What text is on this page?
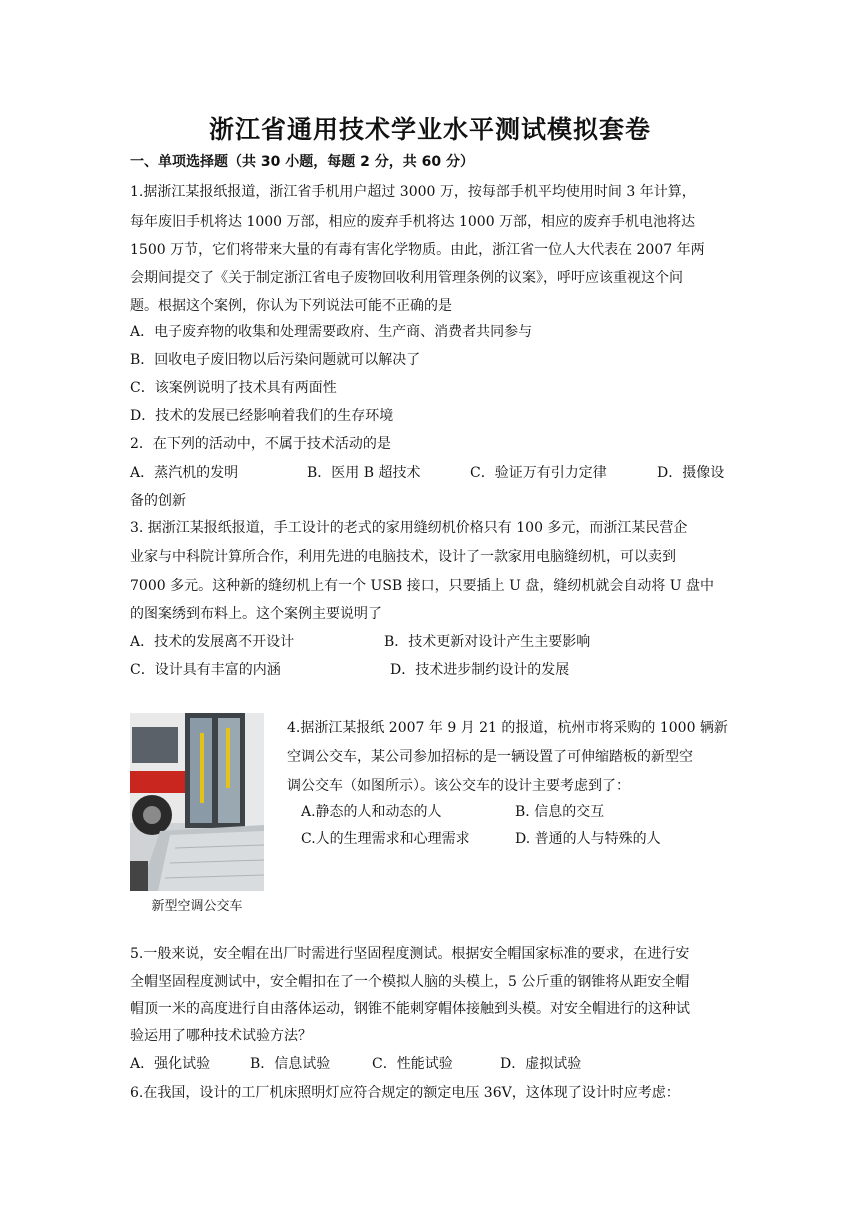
浙江省通用技术学业水平测试模拟套卷
一、单项选择题（共 30 小题，每题 2 分，共 60 分）
1.据浙江某报纸报道，浙江省手机用户超过 3000 万，按每部手机平均使用时间 3 年计算，
每年废旧手机将达 1000 万部，相应的废弃手机将达 1000 万部，相应的废弃手机电池将达
1500 万节，它们将带来大量的有毒有害化学物质。由此，浙江省一位人大代表在 2007 年两
会期间提交了《关于制定浙江省电子废物回收利用管理条例的议案》，呼吁应该重视这个问
题。根据这个案例，你认为下列说法可能不正确的是
A．电子废弃物的收集和处理需要政府、生产商、消费者共同参与
B．回收电子废旧物以后污染问题就可以解决了
C．该案例说明了技术具有两面性
D．技术的发展已经影响着我们的生存环境
2．在下列的活动中，不属于技术活动的是
A．蒸汽机的发明	B．医用 B 超技术	C．验证万有引力定律	D．摄像设
备的创新
3. 据浙江某报纸报道，手工设计的老式的家用缝纫机价格只有 100 多元，而浙江某民营企
业家与中科院计算所合作，利用先进的电脑技术，设计了一款家用电脑缝纫机，可以卖到
7000 多元。这种新的缝纫机上有一个 USB 接口，只要插上 U 盘，缝纫机就会自动将 U 盘中
的图案绣到布料上。这个案例主要说明了
A．技术的发展离不开设计	B．技术更新对设计产生主要影响
C．设计具有丰富的内涵	D．技术进步制约设计的发展
新型空调公交车
4.据浙江某报纸 2007 年 9 月 21 的报道，杭州市将采购的 1000 辆新
空调公交车，某公司参加招标的是一辆设置了可伸缩踏板的新型空
调公交车（如图所示）。该公交车的设计主要考虑到了：
A.静态的人和动态的人	B. 信息的交互
C.人的生理需求和心理需求	D. 普通的人与特殊的人
5.一般来说，安全帽在出厂时需进行坚固程度测试。根据安全帽国家标准的要求，在进行安
全帽坚固程度测试中，安全帽扣在了一个模拟人脑的头模上，5 公斤重的钢锥将从距安全帽
帽顶一米的高度进行自由落体运动，钢锥不能刺穿帽体接触到头模。对安全帽进行的这种试
验运用了哪种技术试验方法？
A．强化试验	B．信息试验	C．性能试验	D．虚拟试验
6.在我国，设计的工厂机床照明灯应符合规定的额定电压 36V，这体现了设计时应考虑：
